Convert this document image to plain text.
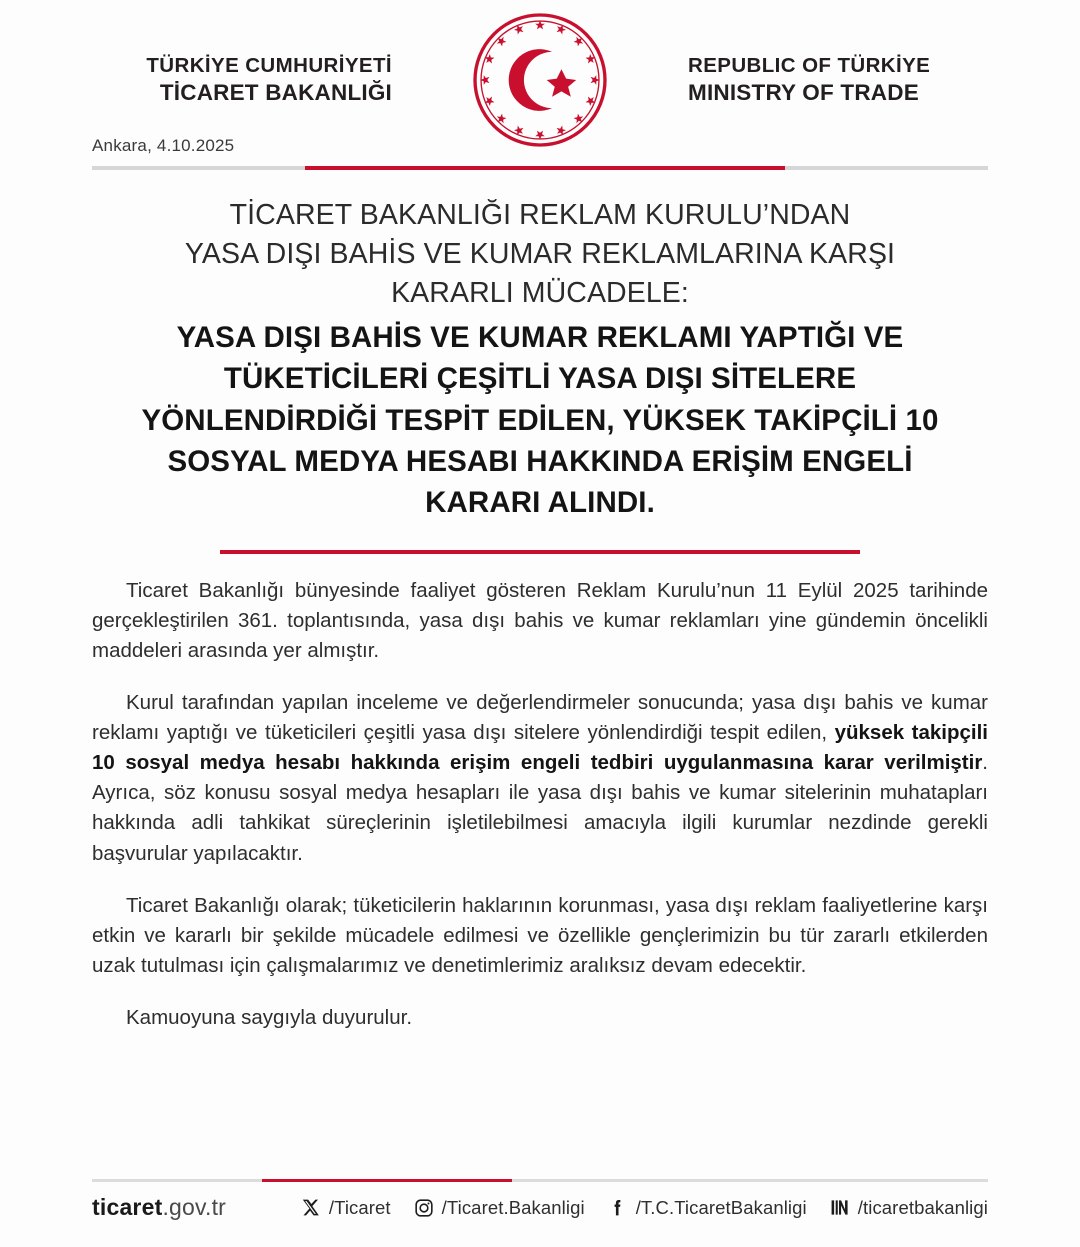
TÜRKİYE CUMHURİYETİ
TİCARET BAKANLIĞI
REPUBLIC OF TÜRKİYE
MINISTRY OF TRADE
Ankara, 4.10.2025
TİCARET BAKANLIĞI REKLAM KURULU’NDAN
YASA DIŞI BAHİS VE KUMAR REKLAMLARINA KARŞI
KARARLI MÜCADELE:
YASA DIŞI BAHİS VE KUMAR REKLAMI YAPTIĞI VE
TÜKETİCİLERİ ÇEŞİTLİ YASA DIŞI SİTELERE
YÖNLENDİRDİĞİ TESPİT EDİLEN, YÜKSEK TAKİPÇİLİ 10
SOSYAL MEDYA HESABI HAKKINDA ERİŞİM ENGELİ
KARARI ALINDI.

Ticaret Bakanlığı bünyesinde faaliyet gösteren Reklam Kurulu’nun 11 Eylül 2025 tarihinde gerçekleştirilen 361. toplantısında, yasa dışı bahis ve kumar reklamları yine gündemin öncelikli maddeleri arasında yer almıştır.

Kurul tarafından yapılan inceleme ve değerlendirmeler sonucunda; yasa dışı bahis ve kumar reklamı yaptığı ve tüketicileri çeşitli yasa dışı sitelere yönlendirdiği tespit edilen, yüksek takipçili 10 sosyal medya hesabı hakkında erişim engeli tedbiri uygulanmasına karar verilmiştir. Ayrıca, söz konusu sosyal medya hesapları ile yasa dışı bahis ve kumar sitelerinin muhatapları hakkında adli tahkikat süreçlerinin işletilebilmesi amacıyla ilgili kurumlar nezdinde gerekli başvurular yapılacaktır.

Ticaret Bakanlığı olarak; tüketicilerin haklarının korunması, yasa dışı reklam faaliyetlerine karşı etkin ve kararlı bir şekilde mücadele edilmesi ve özellikle gençlerimizin bu tür zararlı etkilerden uzak tutulması için çalışmalarımız ve denetimlerimiz aralıksız devam edecektir.

Kamuoyuna saygıyla duyurulur.

ticaret.gov.tr	/Ticaret	/Ticaret.Bakanligi	/T.C.TicaretBakanligi	/ticaretbakanligi
